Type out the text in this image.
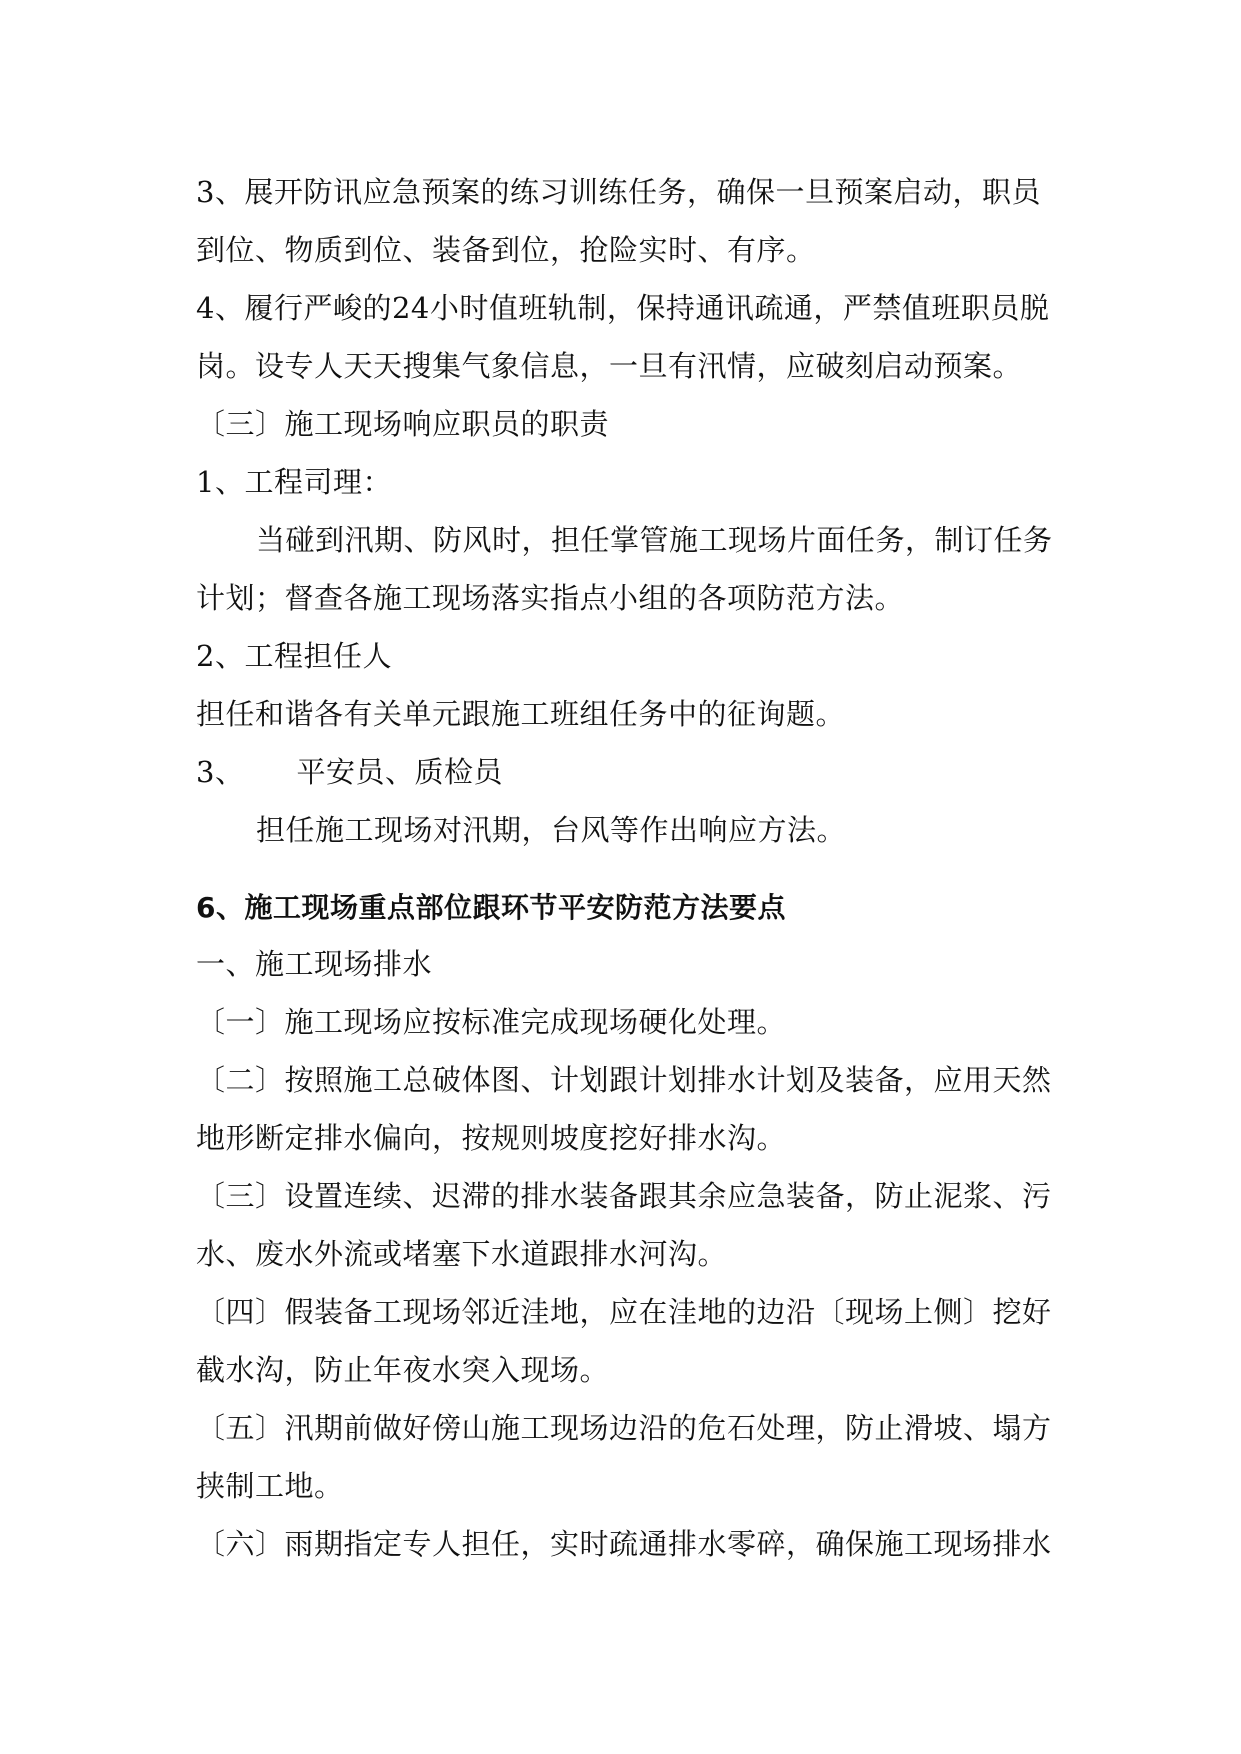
3、展开防讯应急预案的练习训练任务，确保一旦预案启动，职员
到位、物质到位、装备到位，抢险实时、有序。
4、履行严峻的24小时值班轨制，保持通讯疏通，严禁值班职员脱
岗。设专人天天搜集气象信息，一旦有汛情，应破刻启动预案。
〔三〕施工现场响应职员的职责
1、工程司理：
当碰到汛期、防风时，担任掌管施工现场片面任务，制订任务
计划；督查各施工现场落实指点小组的各项防范方法。
2、工程担任人
担任和谐各有关单元跟施工班组任务中的征询题。
3、 平安员、质检员
担任施工现场对汛期，台风等作出响应方法。
6、施工现场重点部位跟环节平安防范方法要点
一、施工现场排水
〔一〕施工现场应按标准完成现场硬化处理。
〔二〕按照施工总破体图、计划跟计划排水计划及装备，应用天然
地形断定排水偏向，按规则坡度挖好排水沟。
〔三〕设置连续、迟滞的排水装备跟其余应急装备，防止泥浆、污
水、废水外流或堵塞下水道跟排水河沟。
〔四〕假装备工现场邻近洼地，应在洼地的边沿〔现场上侧〕挖好
截水沟，防止年夜水突入现场。
〔五〕汛期前做好傍山施工现场边沿的危石处理，防止滑坡、塌方
挟制工地。
〔六〕雨期指定专人担任，实时疏通排水零碎，确保施工现场排水
